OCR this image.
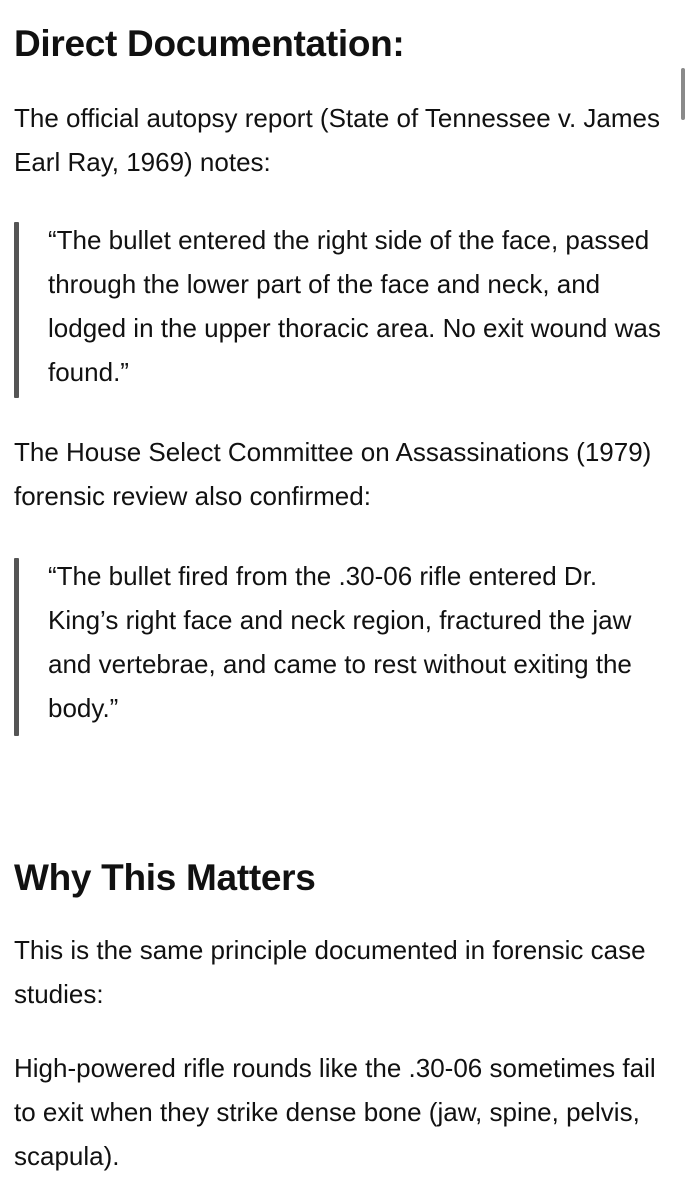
Direct Documentation:

The official autopsy report (State of Tennessee v. James Earl Ray, 1969) notes:

“The bullet entered the right side of the face, passed through the lower part of the face and neck, and lodged in the upper thoracic area. No exit wound was found.”

The House Select Committee on Assassinations (1979) forensic review also confirmed:

“The bullet fired from the .30-06 rifle entered Dr. King’s right face and neck region, fractured the jaw and vertebrae, and came to rest without exiting the body.”
Why This Matters

This is the same principle documented in forensic case studies:

High-powered rifle rounds like the .30-06 sometimes fail to exit when they strike dense bone (jaw, spine, pelvis, scapula).
